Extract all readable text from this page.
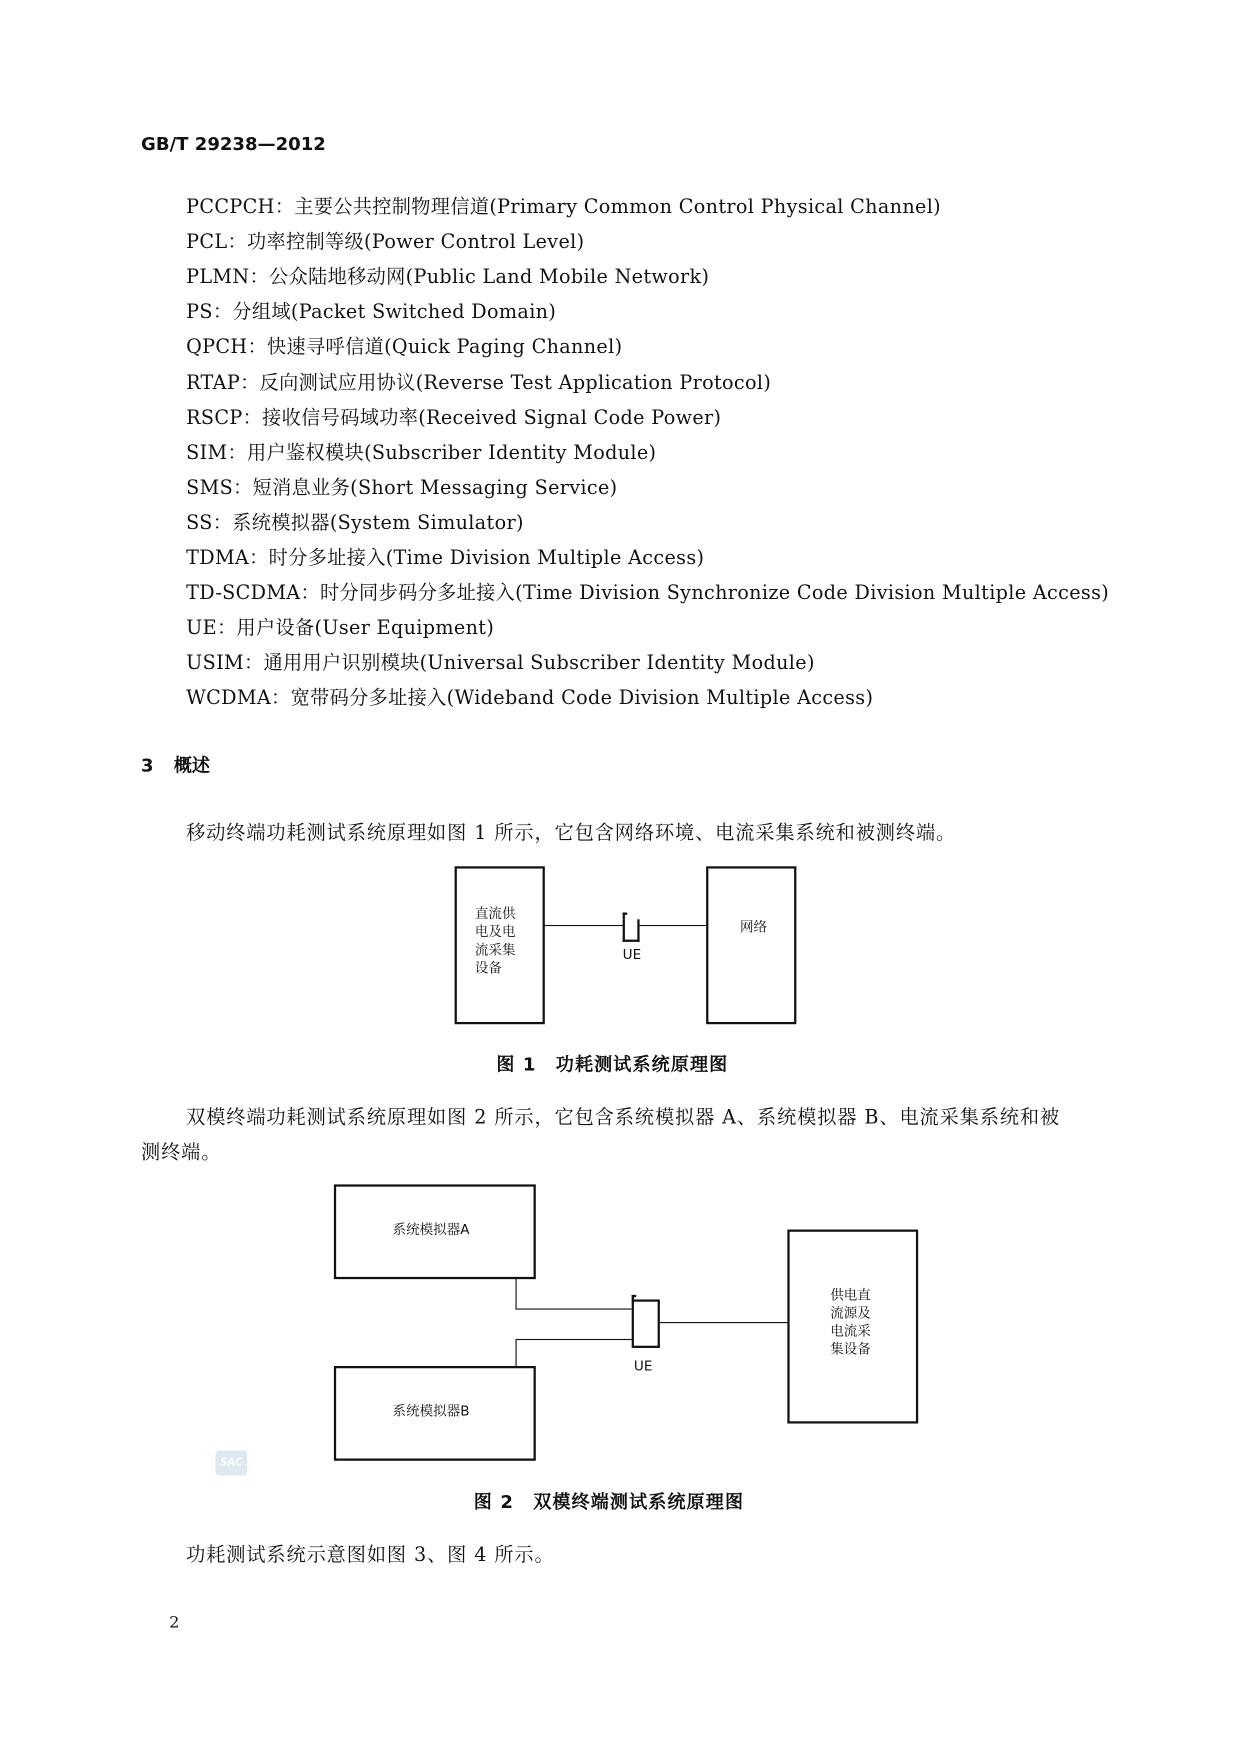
GB/T 29238—2012
PCCPCH：主要公共控制物理信道(Primary Common Control Physical Channel)
PCL：功率控制等级(Power Control Level)
PLMN：公众陆地移动网(Public Land Mobile Network)
PS：分组域(Packet Switched Domain)
QPCH：快速寻呼信道(Quick Paging Channel)
RTAP：反向测试应用协议(Reverse Test Application Protocol)
RSCP：接收信号码域功率(Received Signal Code Power)
SIM：用户鉴权模块(Subscriber Identity Module)
SMS：短消息业务(Short Messaging Service)
SS：系统模拟器(System Simulator)
TDMA：时分多址接入(Time Division Multiple Access)
TD-SCDMA：时分同步码分多址接入(Time Division Synchronize Code Division Multiple Access)
UE：用户设备(User Equipment)
USIM：通用用户识别模块(Universal Subscriber Identity Module)
WCDMA：宽带码分多址接入(Wideband Code Division Multiple Access)
3 概述
移动终端功耗测试系统原理如图 1 所示，它包含网络环境、电流采集系统和被测终端。
直流供
电及电
流采集
设备
UE
网络
图 1　功耗测试系统原理图
双模终端功耗测试系统原理如图 2 所示，它包含系统模拟器 A、系统模拟器 B、电流采集系统和被
测终端。
系统模拟器A
系统模拟器B
UE
供电直
流源及
电流采
集设备
SAC
图 2　双模终端测试系统原理图
功耗测试系统示意图如图 3、图 4 所示。
2
